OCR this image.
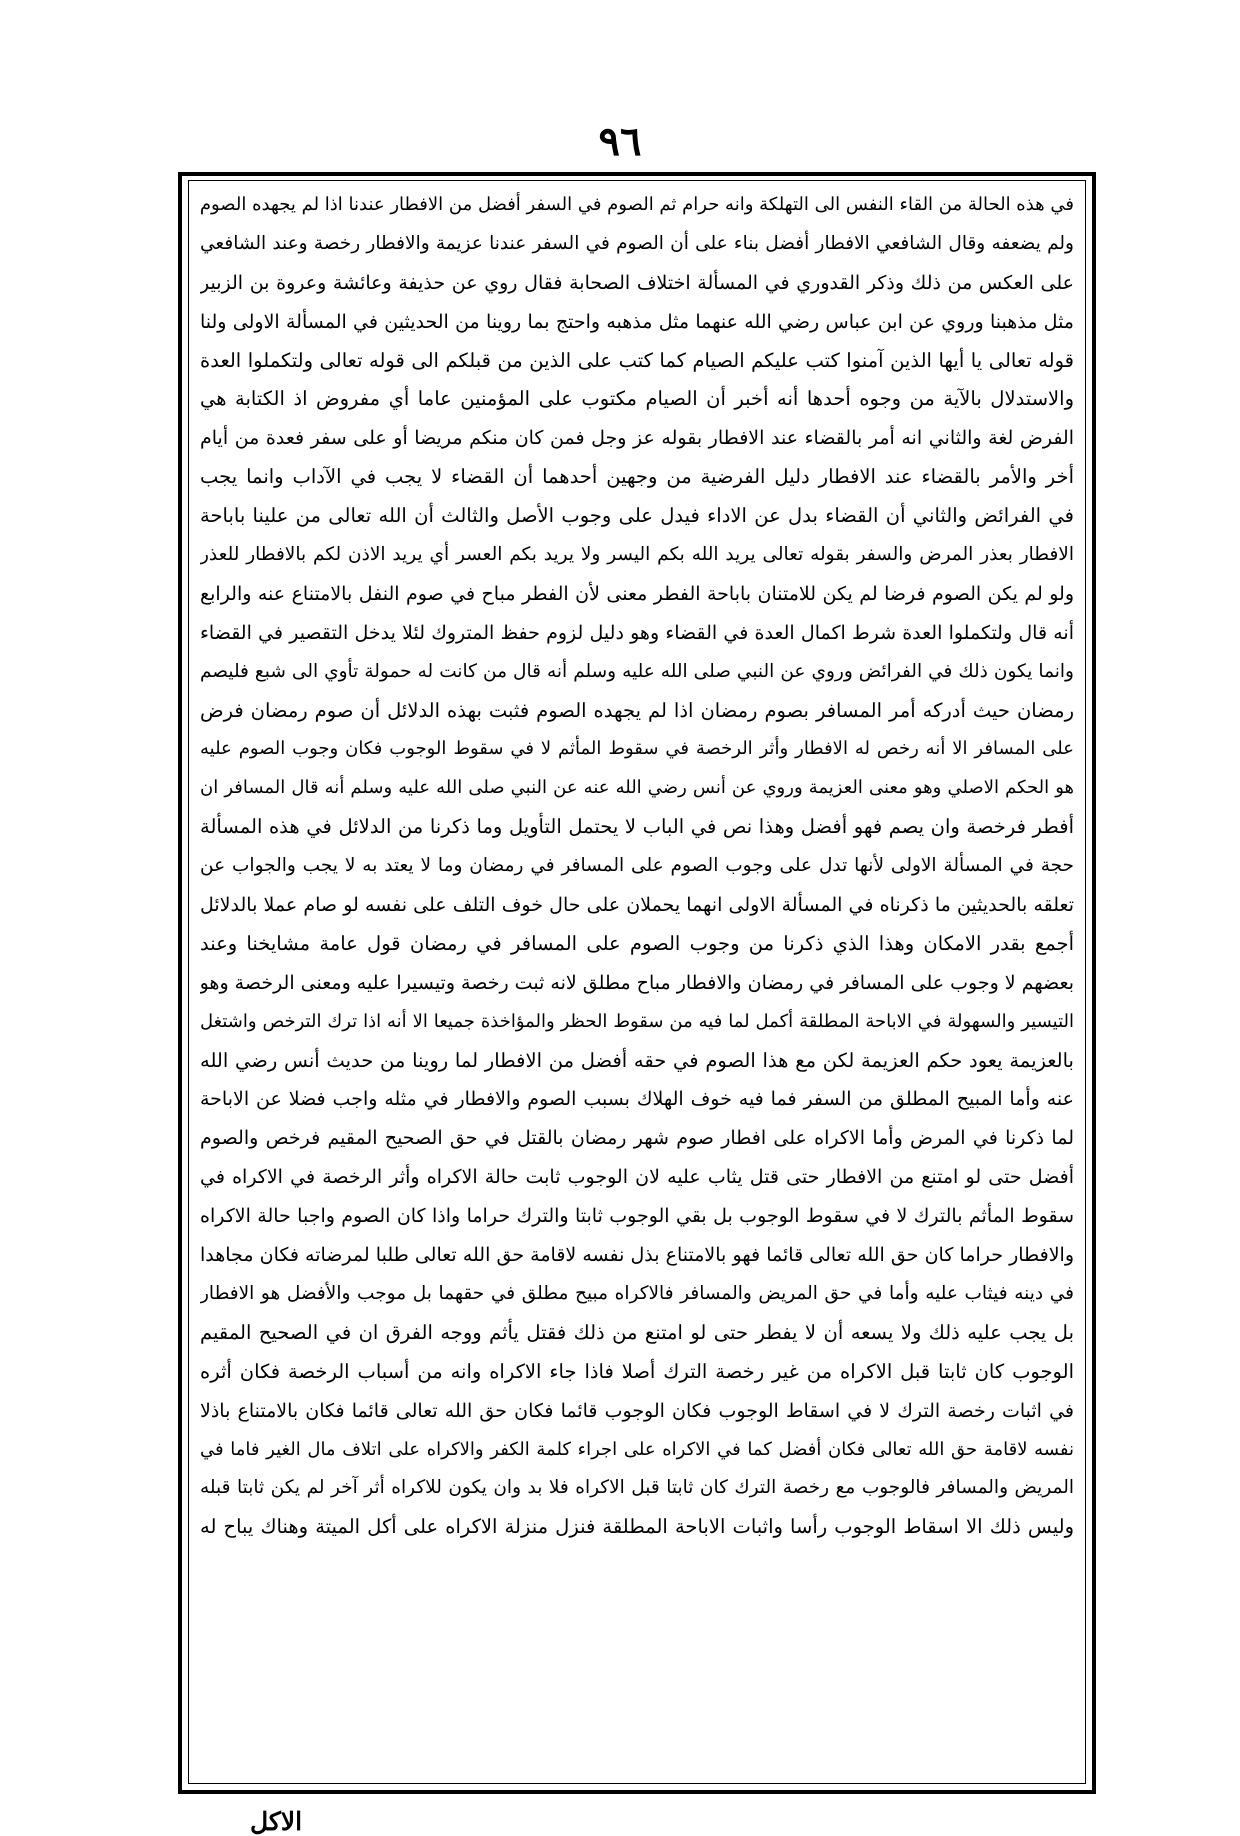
٩٦
في هذه الحالة من القاء النفس الى التهلكة وانه حرام ثم الصوم في السفر أفضل من الافطار عندنا اذا لم يجهده الصوم
ولم يضعفه وقال الشافعي الافطار أفضل بناء على أن الصوم في السفر عندنا عزيمة والافطار رخصة وعند الشافعي
على العكس من ذلك وذكر القدوري في المسألة اختلاف الصحابة فقال روي عن حذيفة وعائشة وعروة بن الزبير
مثل مذهبنا وروي عن ابن عباس رضي الله عنهما مثل مذهبه واحتج بما روينا من الحديثين في المسألة الاولى ولنا
قوله تعالى يا أيها الذين آمنوا كتب عليكم الصيام كما كتب على الذين من قبلكم الى قوله تعالى ولتكملوا العدة
والاستدلال بالآية من وجوه أحدها أنه أخبر أن الصيام مكتوب على المؤمنين عاما أي مفروض اذ الكتابة هي
الفرض لغة والثاني انه أمر بالقضاء عند الافطار بقوله عز وجل فمن كان منكم مريضا أو على سفر فعدة من أيام
أخر والأمر بالقضاء عند الافطار دليل الفرضية من وجهين أحدهما أن القضاء لا يجب في الآداب وانما يجب
في الفرائض والثاني أن القضاء بدل عن الاداء فيدل على وجوب الأصل والثالث أن الله تعالى من علينا باباحة
الافطار بعذر المرض والسفر بقوله تعالى يريد الله بكم اليسر ولا يريد بكم العسر أي يريد الاذن لكم بالافطار للعذر
ولو لم يكن الصوم فرضا لم يكن للامتنان باباحة الفطر معنى لأن الفطر مباح في صوم النفل بالامتناع عنه والرابع
أنه قال ولتكملوا العدة شرط اكمال العدة في القضاء وهو دليل لزوم حفظ المتروك لئلا يدخل التقصير في القضاء
وانما يكون ذلك في الفرائض وروي عن النبي صلى الله عليه وسلم أنه قال من كانت له حمولة تأوي الى شبع فليصم
رمضان حيث أدركه أمر المسافر بصوم رمضان اذا لم يجهده الصوم فثبت بهذه الدلائل أن صوم رمضان فرض
على المسافر الا أنه رخص له الافطار وأثر الرخصة في سقوط المأثم لا في سقوط الوجوب فكان وجوب الصوم عليه
هو الحكم الاصلي وهو معنى العزيمة وروي عن أنس رضي الله عنه عن النبي صلى الله عليه وسلم أنه قال المسافر ان
أفطر فرخصة وان يصم فهو أفضل وهذا نص في الباب لا يحتمل التأويل وما ذكرنا من الدلائل في هذه المسألة
حجة في المسألة الاولى لأنها تدل على وجوب الصوم على المسافر في رمضان وما لا يعتد به لا يجب والجواب عن
تعلقه بالحديثين ما ذكرناه في المسألة الاولى انهما يحملان على حال خوف التلف على نفسه لو صام عملا بالدلائل
أجمع بقدر الامكان وهذا الذي ذكرنا من وجوب الصوم على المسافر في رمضان قول عامة مشايخنا وعند
بعضهم لا وجوب على المسافر في رمضان والافطار مباح مطلق لانه ثبت رخصة وتيسيرا عليه ومعنى الرخصة وهو
التيسير والسهولة في الاباحة المطلقة أكمل لما فيه من سقوط الحظر والمؤاخذة جميعا الا أنه اذا ترك الترخص واشتغل
بالعزيمة يعود حكم العزيمة لكن مع هذا الصوم في حقه أفضل من الافطار لما روينا من حديث أنس رضي الله
عنه وأما المبيح المطلق من السفر فما فيه خوف الهلاك بسبب الصوم والافطار في مثله واجب فضلا عن الاباحة
لما ذكرنا في المرض وأما الاكراه على افطار صوم شهر رمضان بالقتل في حق الصحيح المقيم فرخص والصوم
أفضل حتى لو امتنع من الافطار حتى قتل يثاب عليه لان الوجوب ثابت حالة الاكراه وأثر الرخصة في الاكراه في
سقوط المأثم بالترك لا في سقوط الوجوب بل بقي الوجوب ثابتا والترك حراما واذا كان الصوم واجبا حالة الاكراه
والافطار حراما كان حق الله تعالى قائما فهو بالامتناع بذل نفسه لاقامة حق الله تعالى طلبا لمرضاته فكان مجاهدا
في دينه فيثاب عليه وأما في حق المريض والمسافر فالاكراه مبيح مطلق في حقهما بل موجب والأفضل هو الافطار
بل يجب عليه ذلك ولا يسعه أن لا يفطر حتى لو امتنع من ذلك فقتل يأثم ووجه الفرق ان في الصحيح المقيم
الوجوب كان ثابتا قبل الاكراه من غير رخصة الترك أصلا فاذا جاء الاكراه وانه من أسباب الرخصة فكان أثره
في اثبات رخصة الترك لا في اسقاط الوجوب فكان الوجوب قائما فكان حق الله تعالى قائما فكان بالامتناع باذلا
نفسه لاقامة حق الله تعالى فكان أفضل كما في الاكراه على اجراء كلمة الكفر والاكراه على اتلاف مال الغير فاما في
المريض والمسافر فالوجوب مع رخصة الترك كان ثابتا قبل الاكراه فلا بد وان يكون للاكراه أثر آخر لم يكن ثابتا قبله
وليس ذلك الا اسقاط الوجوب رأسا واثبات الاباحة المطلقة فنزل منزلة الاكراه على أكل الميتة وهناك يباح له
الاكل
